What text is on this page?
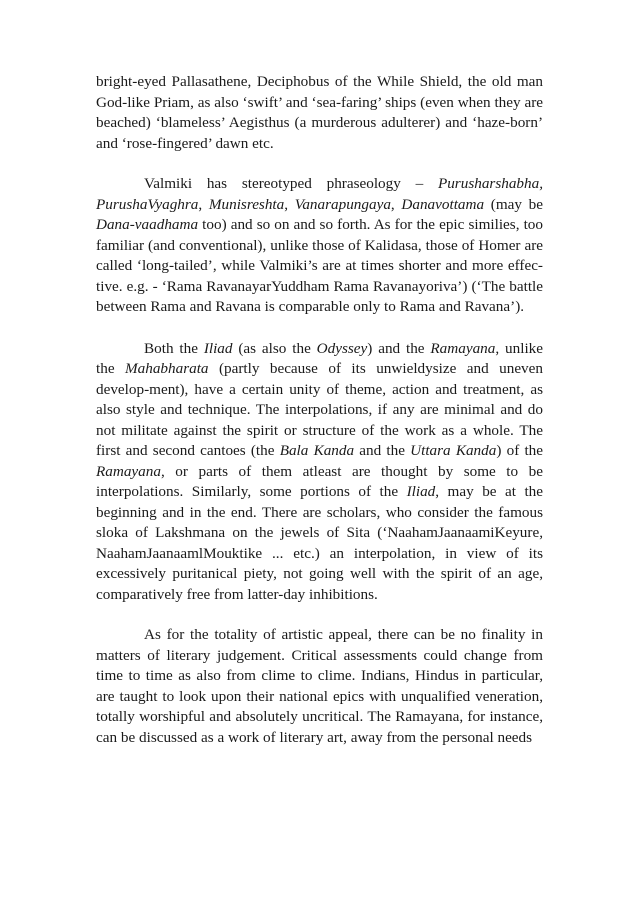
bright-eyed Pallasathene, Deciphobus of the While Shield, the old man God-like Priam, as also ‘swift’ and ‘sea-faring’ ships (even when they are beached) ‘blameless’ Aegisthus (a murderous adulterer) and ‘haze-born’ and ‘rose-fingered’ dawn etc.

Valmiki has stereotyped phraseology – Purusharshabha, PurushaVyaghra, Munisreshta, Vanarapungaya, Danavottama (may be Dana-vaadhama too) and so on and so forth. As for the epic similies, too familiar (and conventional), unlike those of Kalidasa, those of Homer are called ‘long-tailed’, while Valmiki’s are at times shorter and more effec-tive. e.g. - ‘Rama RavanayarYuddham Rama Ravanayoriva’) (‘The battle between Rama and Ravana is comparable only to Rama and Ravana’).

Both the Iliad (as also the Odyssey) and the Ramayana, unlike the Mahabharata (partly because of its unwieldysize and uneven develop-ment), have a certain unity of theme, action and treatment, as also style and technique. The interpolations, if any are minimal and do not militate against the spirit or structure of the work as a whole. The first and second cantoes (the Bala Kanda and the Uttara Kanda) of the Ramayana, or parts of them atleast are thought by some to be interpolations. Similarly, some portions of the Iliad, may be at the beginning and in the end. There are scholars, who consider the famous sloka of Lakshmana on the jewels of Sita (‘NaahamJaanaamiKeyure, NaahamJaanaamlMouktike ... etc.) an interpolation, in view of its excessively puritanical piety, not going well with the spirit of an age, comparatively free from latter-day inhibitions.

As for the totality of artistic appeal, there can be no finality in matters of literary judgement. Critical assessments could change from time to time as also from clime to clime. Indians, Hindus in particular, are taught to look upon their national epics with unqualified veneration, totally worshipful and absolutely uncritical. The Ramayana, for instance, can be discussed as a work of literary art, away from the personal needs
